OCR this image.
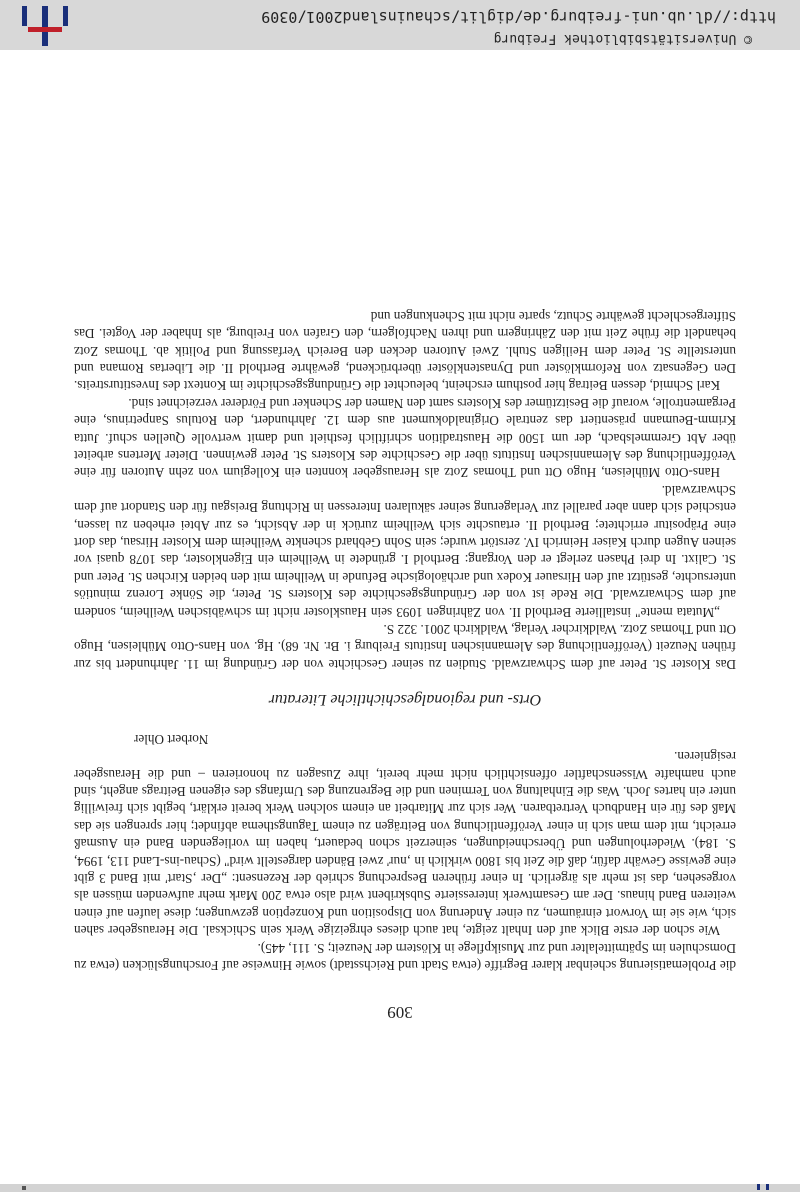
© Universitätsbibliothek Freiburg
http://dl.ub.uni-freiburg.de/diglit/schauinsland2001/0309
309

die Problematisierung scheinbar klarer Begriffe (etwa Stadt und Reichsstadt) sowie Hinweise auf Forschungslücken (etwa zu Domschulen im Spätmittelalter und zur Musikpflege in Klöstern der Neuzeit; S. 111, 445).

Wie schon der erste Blick auf den Inhalt zeigte, hat auch dieses ehrgeizige Werk sein Schicksal. Die Herausgeber sahen sich, wie sie im Vorwort einräumen, zu einer Änderung von Disposition und Konzeption gezwungen; diese laufen auf einen weiteren Band hinaus. Der am Gesamtwerk interessierte Subskribent wird also etwa 200 Mark mehr aufwenden müssen als vorgesehen, das ist mehr als ärgerlich. In einer früheren Besprechung schrieb der Rezensent: „Der ‚Start' mit Band 3 gibt eine gewisse Gewähr dafür, daß die Zeit bis 1800 wirklich in ‚nur' zwei Bänden dargestellt wird" (Schau-ins-Land 113, 1994, S. 184). Wiederholungen und Überschneidungen, seinerzeit schon bedauert, haben im vorliegenden Band ein Ausmaß erreicht, mit dem man sich in einer Veröffentlichung von Beiträgen zu einem Tagungsthema abfindet; hier sprengen sie das Maß des für ein Handbuch Vertretbaren. Wer sich zur Mitarbeit an einem solchen Werk bereit erklärt, begibt sich freiwillig unter ein hartes Joch. Was die Einhaltung von Terminen und die Begrenzung des Umfangs des eigenen Beitrags angeht, sind auch namhafte Wissenschaftler offensichtlich nicht mehr bereit, ihre Zusagen zu honorieren – und die Herausgeber resignieren.

Norbert Ohler
Orts- und regionalgeschichtliche Literatur

Das Kloster St. Peter auf dem Schwarzwald. Studien zu seiner Geschichte von der Gründung im 11. Jahrhundert bis zur frühen Neuzeit (Veröffentlichung des Alemannischen Instituts Freiburg i. Br. Nr. 68). Hg. von Hans-Otto Mühleisen, Hugo Ott und Thomas Zotz. Waldkircher Verlag, Waldkirch 2001. 322 S.

„Mutata mente" installierte Berthold II. von Zähringen 1093 sein Hauskloster nicht im schwäbischen Weilheim, sondern auf dem Schwarzwald. Die Rede ist von der Gründungsgeschichte des Klosters St. Peter, die Sönke Lorenz minutiös untersuchte, gestützt auf den Hirsauer Kodex und archäologische Befunde in Weilheim mit den beiden Kirchen St. Peter und St. Calixt. In drei Phasen zerlegt er den Vorgang: Berthold I. gründete in Weilheim ein Eigenkloster, das 1078 quasi vor seinen Augen durch Kaiser Heinrich IV. zerstört wurde; sein Sohn Gebhard schenkte Weilheim dem Kloster Hirsau, das dort eine Präpositur errichtete; Berthold II. ertauschte sich Weilheim zurück in der Absicht, es zur Abtei erheben zu lassen, entschied sich dann aber parallel zur Verlagerung seiner säkularen Interessen in Richtung Breisgau für den Standort auf dem Schwarzwald.

Hans-Otto Mühleisen, Hugo Ott und Thomas Zotz als Herausgeber konnten ein Kollegium von zehn Autoren für eine Veröffentlichung des Alemannischen Instituts über die Geschichte des Klosters St. Peter gewinnen. Dieter Mertens arbeitet über Abt Gremmelsbach, der um 1500 die Haustradition schriftlich festhielt und damit wertvolle Quellen schuf. Jutta Krimm-Beumann präsentiert das zentrale Originaldokument aus dem 12. Jahrhundert, den Rotulus Sanpetrinus, eine Pergamentrolle, worauf die Besitztümer des Klosters samt den Namen der Schenker und Förderer verzeichnet sind.

Karl Schmid, dessen Beitrag hier posthum erscheint, beleuchtet die Gründungsgeschichte im Kontext des Investiturstreits. Den Gegensatz von Reformklöster und Dynastenklöster überbrückend, gewährte Berthold II. die Libertas Romana und unterstellte St. Peter dem Heiligen Stuhl. Zwei Autoren decken den Bereich Verfassung und Politik ab. Thomas Zotz behandelt die frühe Zeit mit den Zähringern und ihren Nachfolgern, den Grafen von Freiburg, als Inhaber der Vogtei. Das Stiftergeschlecht gewährte Schutz, sparte nicht mit Schenkungen und
